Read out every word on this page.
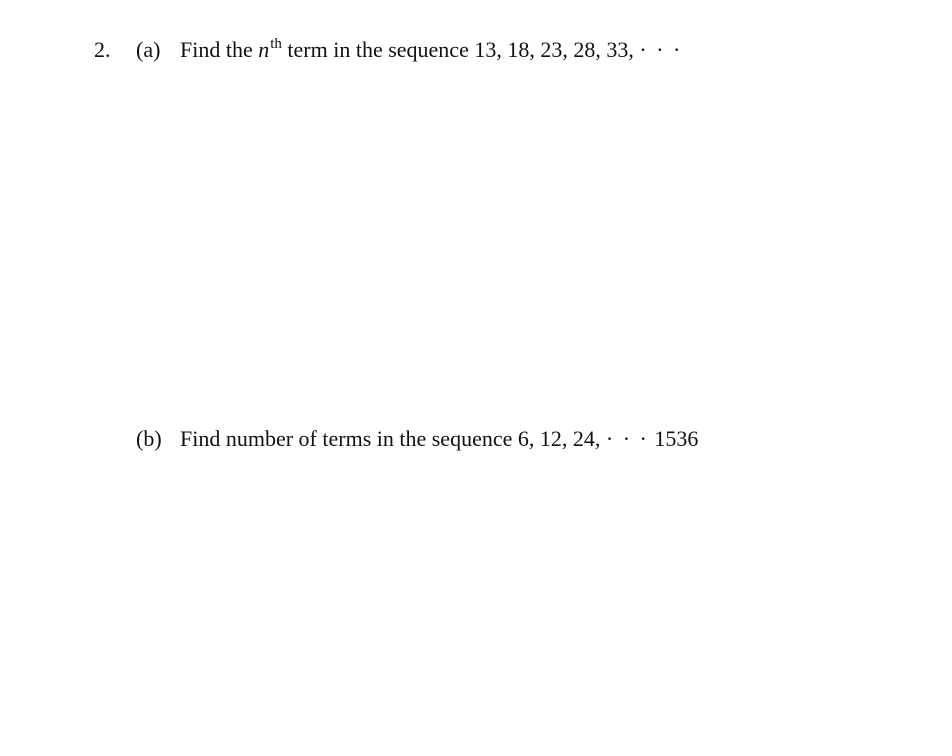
2. (a) Find the $n^{th}$ term in the sequence 13, 18, 23, 28, 33, · · ·
(b) Find number of terms in the sequence 6, 12, 24, · · · 1536
